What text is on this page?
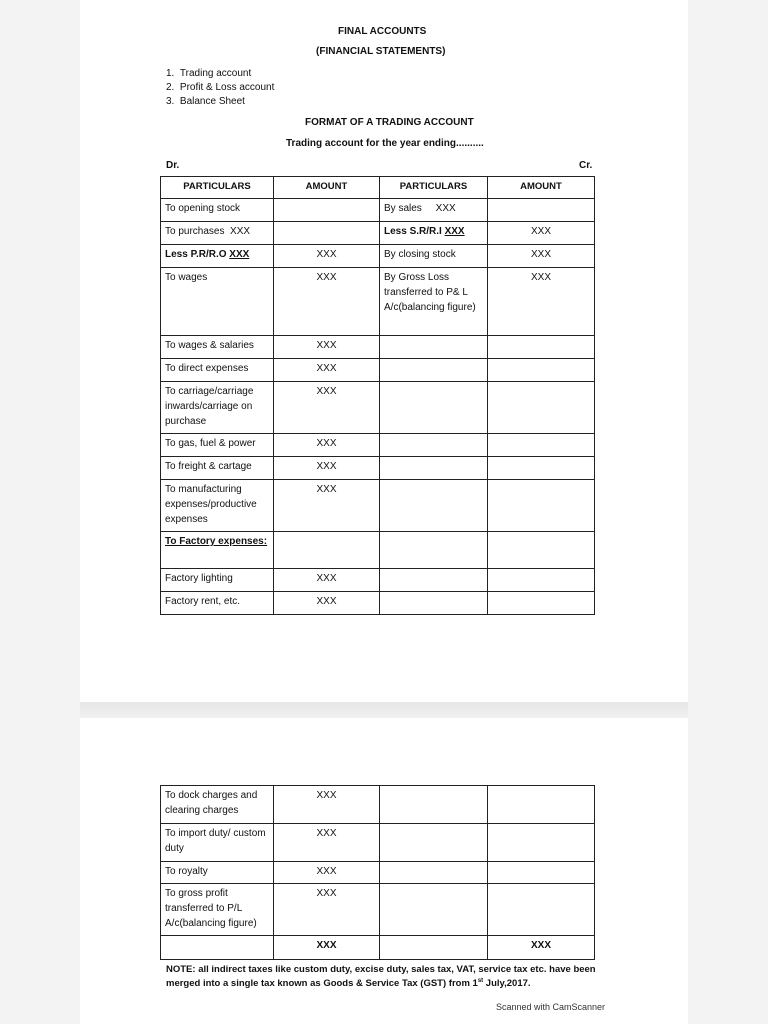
FINAL ACCOUNTS
(FINANCIAL STATEMENTS)
1. Trading account
2. Profit & Loss account
3. Balance Sheet
FORMAT OF A TRADING ACCOUNT
Trading account for the year ending..........
Dr.	Cr.
PARTICULARS	AMOUNT	PARTICULARS	AMOUNT
To opening stock		By sales     XXX	
To purchases  XXX		Less S.R/R.I XXX	XXX
Less P.R/R.O XXX	XXX	By closing stock	XXX
To wages	XXX	By Gross Loss transferred to P& L A/c(balancing figure)	XXX
To wages & salaries	XXX		
To direct expenses	XXX		
To carriage/carriage inwards/carriage on purchase	XXX		
To gas, fuel & power	XXX		
To freight & cartage	XXX		
To manufacturing expenses/productive expenses	XXX		
To Factory expenses:			
Factory lighting	XXX		
Factory rent, etc.	XXX		
To dock charges and clearing charges	XXX		
To import duty/ custom duty	XXX		
To royalty	XXX		
To gross profit transferred to P/L A/c(balancing figure)	XXX		
	XXX		XXX
NOTE: all indirect taxes like custom duty, excise duty, sales tax, VAT, service tax etc. have been merged into a single tax known as Goods & Service Tax (GST) from 1st July,2017.
Scanned with CamScanner
